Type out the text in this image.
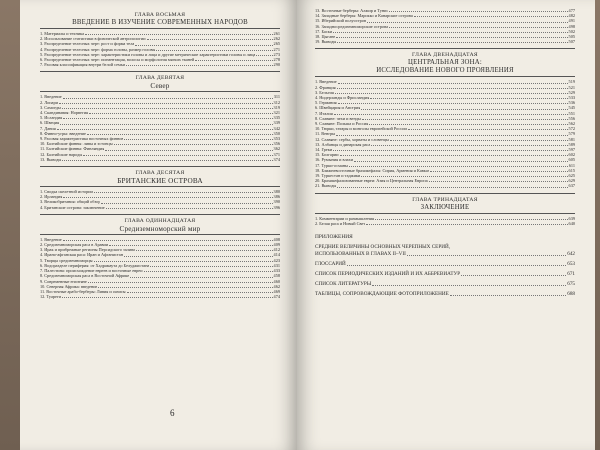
ГЛАВА ВОСЬМАЯ
ВВЕДЕНИЕ В ИЗУЧЕНИЕ СОВРЕМЕННЫХ НАРОДОВ
1. Материалы и техника	261
2. Использование статистики в физической антропологии	262
3. Распределение телесных черт: рост и форма тела	265
4. Распределение телесных черт: форма головы, размер головы	271
5. Распределение телесных черт: характеристики головы и лица и другие метрические характеристики головы и лица	273
6. Распределение телесных черт: пигментация, волосы и морфология мягких тканей	278
7. Расовая классификация внутри белой семьи	290
ГЛАВА ДЕВЯТАЯ
Север
1. Введение	311
2. Лопари	312
3. Самоеды	319
4. Скандинавия: Норвегия	321
5. Исландия	335
6. Швеция	339
7. Дания	342
8. Финно-угры: введение	350
9. Расовая характеристика восточных финнов	353
10. Балтийские финны: ливы и эстонцы	356
11. Балтийские финны: Финляндия	362
12. Балтийские народы	371
13. Выводы	374
ГЛАВА ДЕСЯТАЯ
БРИТАНСКИЕ ОСТРОВА
1. Сводка скелетной истории	380
2. Ирландия	386
3. Великобритания: общий обзор	390
4. Британские острова: заключение	396
ГЛАВА ОДИННАДЦАТАЯ
Средиземноморский мир
1. Введение	408
2. Средиземноморская раса в Аравии	409
3. Ирак и прибрежные регионы Персидского залива	412
4. Ирано-афганская раса: Иран и Афганистан	414
5. Творцы средиземноморцы	423
6. Водоразделе периферия: от Хадрамаута до Белуджистана	431
7. Палестина: происхождение евреев и восточные евреи	433
8. Средиземноморская раса в Восточной Африке	458
9. Современные египтяне	460
10. Северная Африка: введение	462
11. Восточные арабо-берберы: Ливия и оазисы	469
12. Туареги	474
6
13. Восточные берберы: Алжир и Тунис	477
14. Западные берберы: Марокко и Канарские острова	482
15. Иберийский полуостров	491
16. Западносредиземноморские острова	498
17. Баски	502
18. Цыгане	505
19. Выводы	507
ГЛАВА ДВЕНАДЦАТАЯ
ЦЕНТРАЛЬНАЯ ЗОНА:
ИССЛЕДОВАНИЕ НОВОГО ПРОЯВЛЕНИЯ
1. Введение	519
2. Франция	521
3. Бельгия	529
4. Нидерланды и Фрисландия	533
5. Германия	536
6. Швейцария и Австрия	545
7. Италия	551
8. Славяне: чехи и венды	556
9. Славяне: Польша и Россия	562
10. Тюрки, татары и монголы европейской России	572
11. Венгры	579
12. Славяне: сербы, хорваты и словенцы	581
13. Албанцы и динарская раса	589
14. Греки	597
15. Болгарии	602
16. Румыния и влахи	605
17. Турки-османы	611
18. Ближневосточные брахикефалы: Сирия, Армения и Кавказ	615
19. Туркестан и таджики	625
20. Брахикефализованные евреи: Азия и Центральная Европа	629
21. Выводы	637
ГЛАВА ТРИНАДЦАТАЯ
ЗАКЛЮЧЕНИЕ
1. Комментарии и размышления	639
2. Белая раса и Новый Свет	640
ПРИЛОЖЕНИЯ
СРЕДНИЕ ВЕЛИЧИНЫ ОСНОВНЫХ ЧЕРЕПНЫХ СЕРИЙ,
ИСПОЛЬЗОВАННЫХ В ГЛАВАХ II–VII	642
ГЛОССАРИЙ	653
СПИСОК ПЕРИОДИЧЕСКИХ ИЗДАНИЙ И ИХ АББРЕВИАТУР	671
СПИСОК ЛИТЕРАТУРЫ	675
ТАБЛИЦЫ, СОПРОВОЖДАЮЩИЕ ФОТОПРИЛОЖЕНИЕ	688
